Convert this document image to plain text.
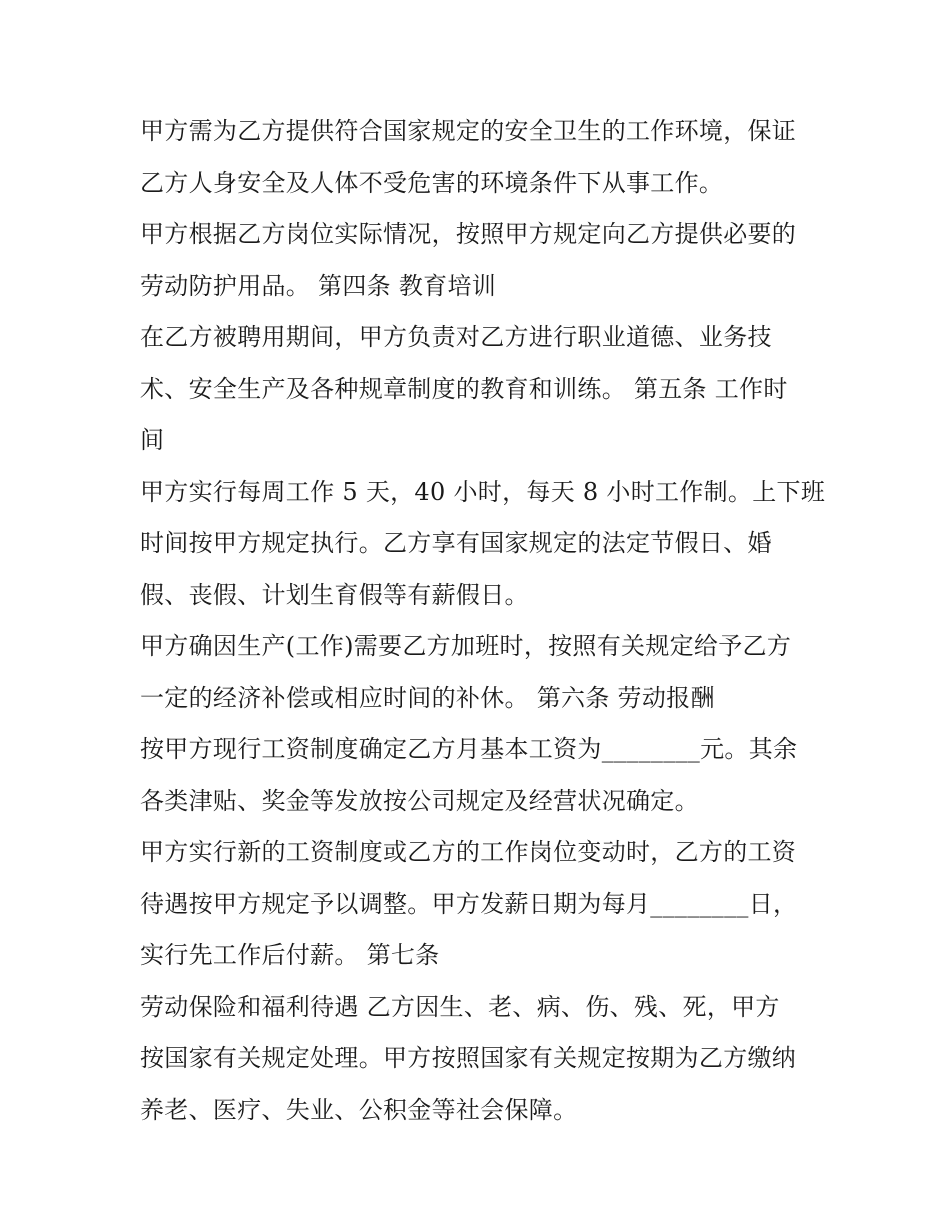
甲方需为乙方提供符合国家规定的安全卫生的工作环境，保证
乙方人身安全及人体不受危害的环境条件下从事工作。
甲方根据乙方岗位实际情况，按照甲方规定向乙方提供必要的
劳动防护用品。 第四条 教育培训
在乙方被聘用期间，甲方负责对乙方进行职业道德、业务技
术、安全生产及各种规章制度的教育和训练。 第五条 工作时
间
甲方实行每周工作 5 天，40 小时，每天 8 小时工作制。上下班
时间按甲方规定执行。乙方享有国家规定的法定节假日、婚
假、丧假、计划生育假等有薪假日。
甲方确因生产(工作)需要乙方加班时，按照有关规定给予乙方
一定的经济补偿或相应时间的补休。 第六条 劳动报酬
按甲方现行工资制度确定乙方月基本工资为________元。其余
各类津贴、奖金等发放按公司规定及经营状况确定。
甲方实行新的工资制度或乙方的工作岗位变动时，乙方的工资
待遇按甲方规定予以调整。甲方发薪日期为每月________日，
实行先工作后付薪。 第七条
劳动保险和福利待遇 乙方因生、老、病、伤、残、死，甲方
按国家有关规定处理。甲方按照国家有关规定按期为乙方缴纳
养老、医疗、失业、公积金等社会保障。
